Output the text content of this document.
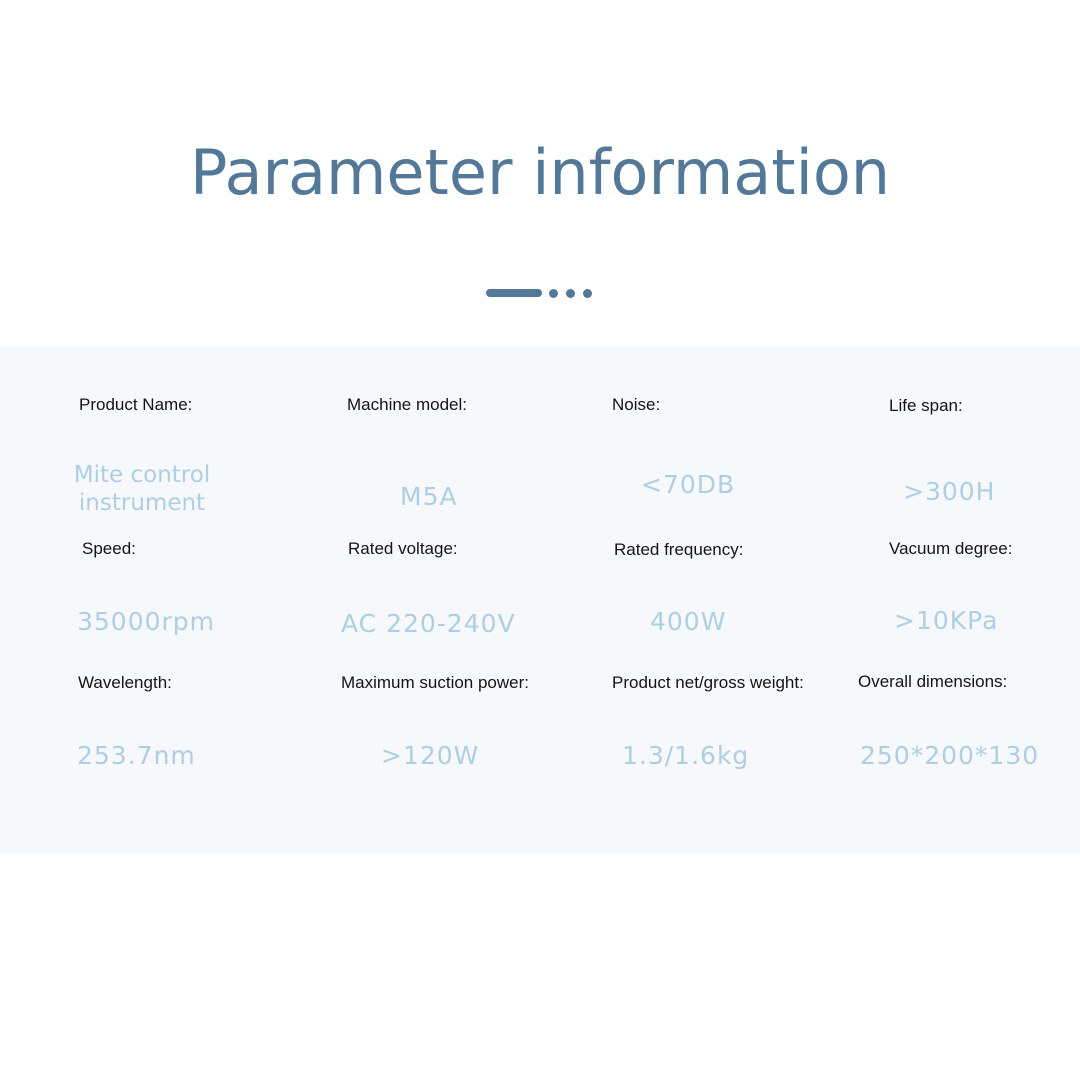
Parameter information
Product Name:	Machine model:	Noise:	Life span:
Mite control instrument	M5A	<70DB	>300H
Speed:	Rated voltage:	Rated frequency:	Vacuum degree:
35000rpm	AC 220-240V	400W	>10KPa
Wavelength:	Maximum suction power:	Product net/gross weight:	Overall dimensions:
253.7nm	>120W	1.3/1.6kg	250*200*130
